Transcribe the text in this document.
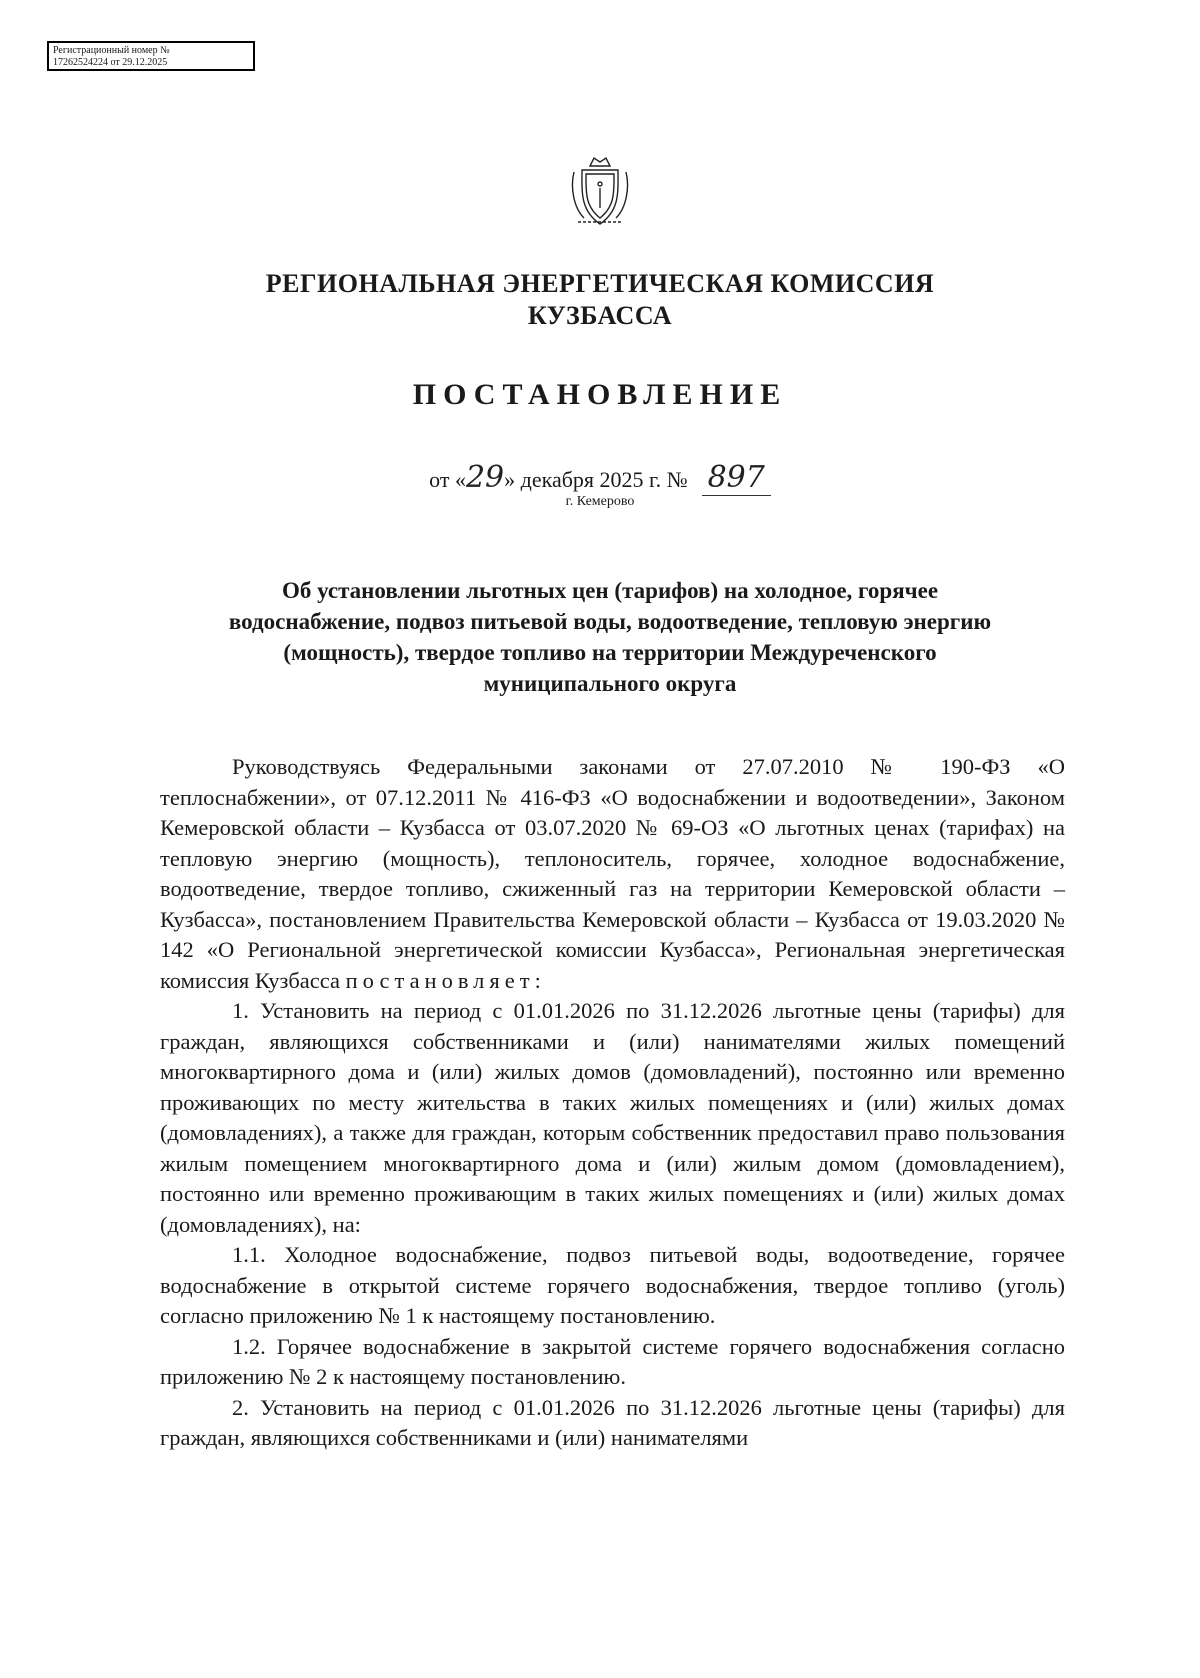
Регистрационный номер №
17262524224 от 29.12.2025
РЕГИОНАЛЬНАЯ ЭНЕРГЕТИЧЕСКАЯ КОМИССИЯ
КУЗБАССА
ПОСТАНОВЛЕНИЕ
от «29» декабря 2025 г. № 897
г. Кемерово
Об установлении льготных цен (тарифов) на холодное, горячее
водоснабжение, подвоз питьевой воды, водоотведение, тепловую энергию
(мощность), твердое топливо на территории Междуреченского
муниципального округа

Руководствуясь Федеральными законами от 27.07.2010 № 190-ФЗ «О теплоснабжении», от 07.12.2011 № 416-ФЗ «О водоснабжении и водоотведении», Законом Кемеровской области – Кузбасса от 03.07.2020 № 69-ОЗ «О льготных ценах (тарифах) на тепловую энергию (мощность), теплоноситель, горячее, холодное водоснабжение, водоотведение, твердое топливо, сжиженный газ на территории Кемеровской области – Кузбасса», постановлением Правительства Кемеровской области – Кузбасса от 19.03.2020 № 142 «О Региональной энергетической комиссии Кузбасса», Региональная энергетическая комиссия Кузбасса постановляет:

1. Установить на период с 01.01.2026 по 31.12.2026 льготные цены (тарифы) для граждан, являющихся собственниками и (или) нанимателями жилых помещений многоквартирного дома и (или) жилых домов (домовладений), постоянно или временно проживающих по месту жительства в таких жилых помещениях и (или) жилых домах (домовладениях), а также для граждан, которым собственник предоставил право пользования жилым помещением многоквартирного дома и (или) жилым домом (домовладением), постоянно или временно проживающим в таких жилых помещениях и (или) жилых домах (домовладениях), на:

1.1. Холодное водоснабжение, подвоз питьевой воды, водоотведение, горячее водоснабжение в открытой системе горячего водоснабжения, твердое топливо (уголь) согласно приложению № 1 к настоящему постановлению.

1.2. Горячее водоснабжение в закрытой системе горячего водоснабжения согласно приложению № 2 к настоящему постановлению.

2. Установить на период с 01.01.2026 по 31.12.2026 льготные цены (тарифы) для граждан, являющихся собственниками и (или) нанимателями
